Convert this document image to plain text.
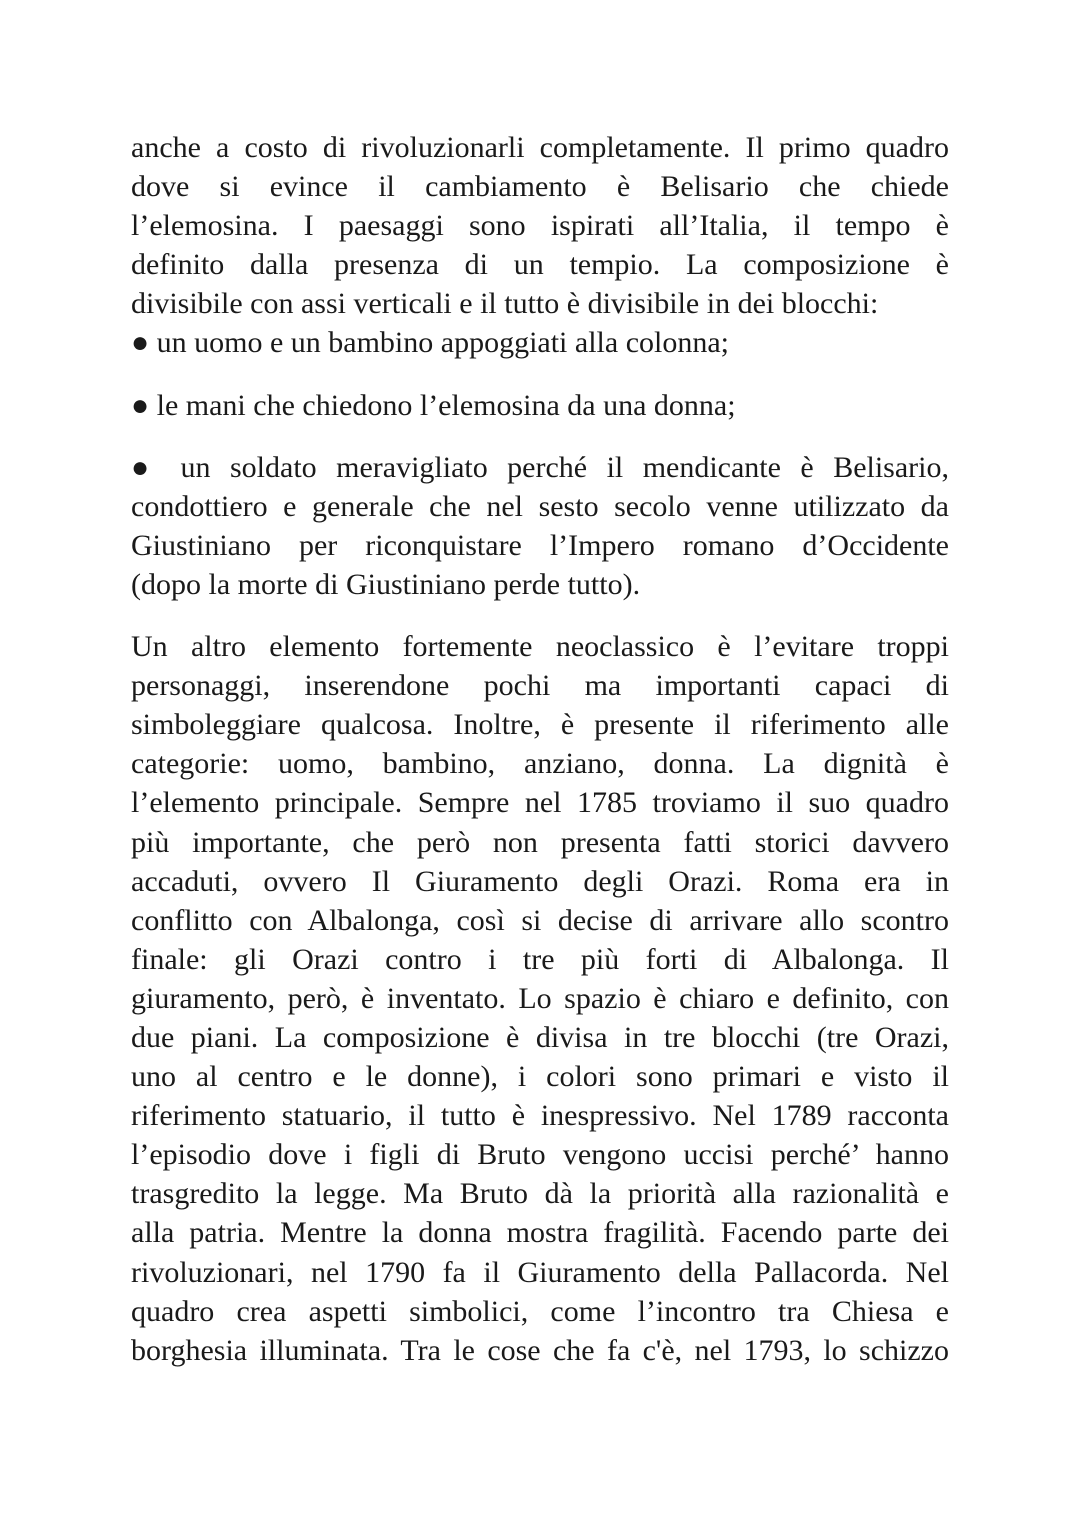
anche a costo di rivoluzionarli completamente. Il primo quadro
dove si evince il cambiamento è Belisario che chiede
l’elemosina. I paesaggi sono ispirati all’Italia, il tempo è
definito dalla presenza di un tempio. La composizione è
divisibile con assi verticali e il tutto è divisibile in dei blocchi:
● un uomo e un bambino appoggiati alla colonna;
● le mani che chiedono l’elemosina da una donna;
● un soldato meravigliato perché il mendicante è Belisario,
condottiero e generale che nel sesto secolo venne utilizzato da
Giustiniano per riconquistare l’Impero romano d’Occidente
(dopo la morte di Giustiniano perde tutto).
Un altro elemento fortemente neoclassico è l’evitare troppi
personaggi, inserendone pochi ma importanti capaci di
simboleggiare qualcosa. Inoltre, è presente il riferimento alle
categorie: uomo, bambino, anziano, donna. La dignità è
l’elemento principale. Sempre nel 1785 troviamo il suo quadro
più importante, che però non presenta fatti storici davvero
accaduti, ovvero Il Giuramento degli Orazi. Roma era in
conflitto con Albalonga, così si decise di arrivare allo scontro
finale: gli Orazi contro i tre più forti di Albalonga. Il
giuramento, però, è inventato. Lo spazio è chiaro e definito, con
due piani. La composizione è divisa in tre blocchi (tre Orazi,
uno al centro e le donne), i colori sono primari e visto il
riferimento statuario, il tutto è inespressivo. Nel 1789 racconta
l’episodio dove i figli di Bruto vengono uccisi perché’ hanno
trasgredito la legge. Ma Bruto dà la priorità alla razionalità e
alla patria. Mentre la donna mostra fragilità. Facendo parte dei
rivoluzionari, nel 1790 fa il Giuramento della Pallacorda. Nel
quadro crea aspetti simbolici, come l’incontro tra Chiesa e
borghesia illuminata. Tra le cose che fa c'è, nel 1793, lo schizzo
